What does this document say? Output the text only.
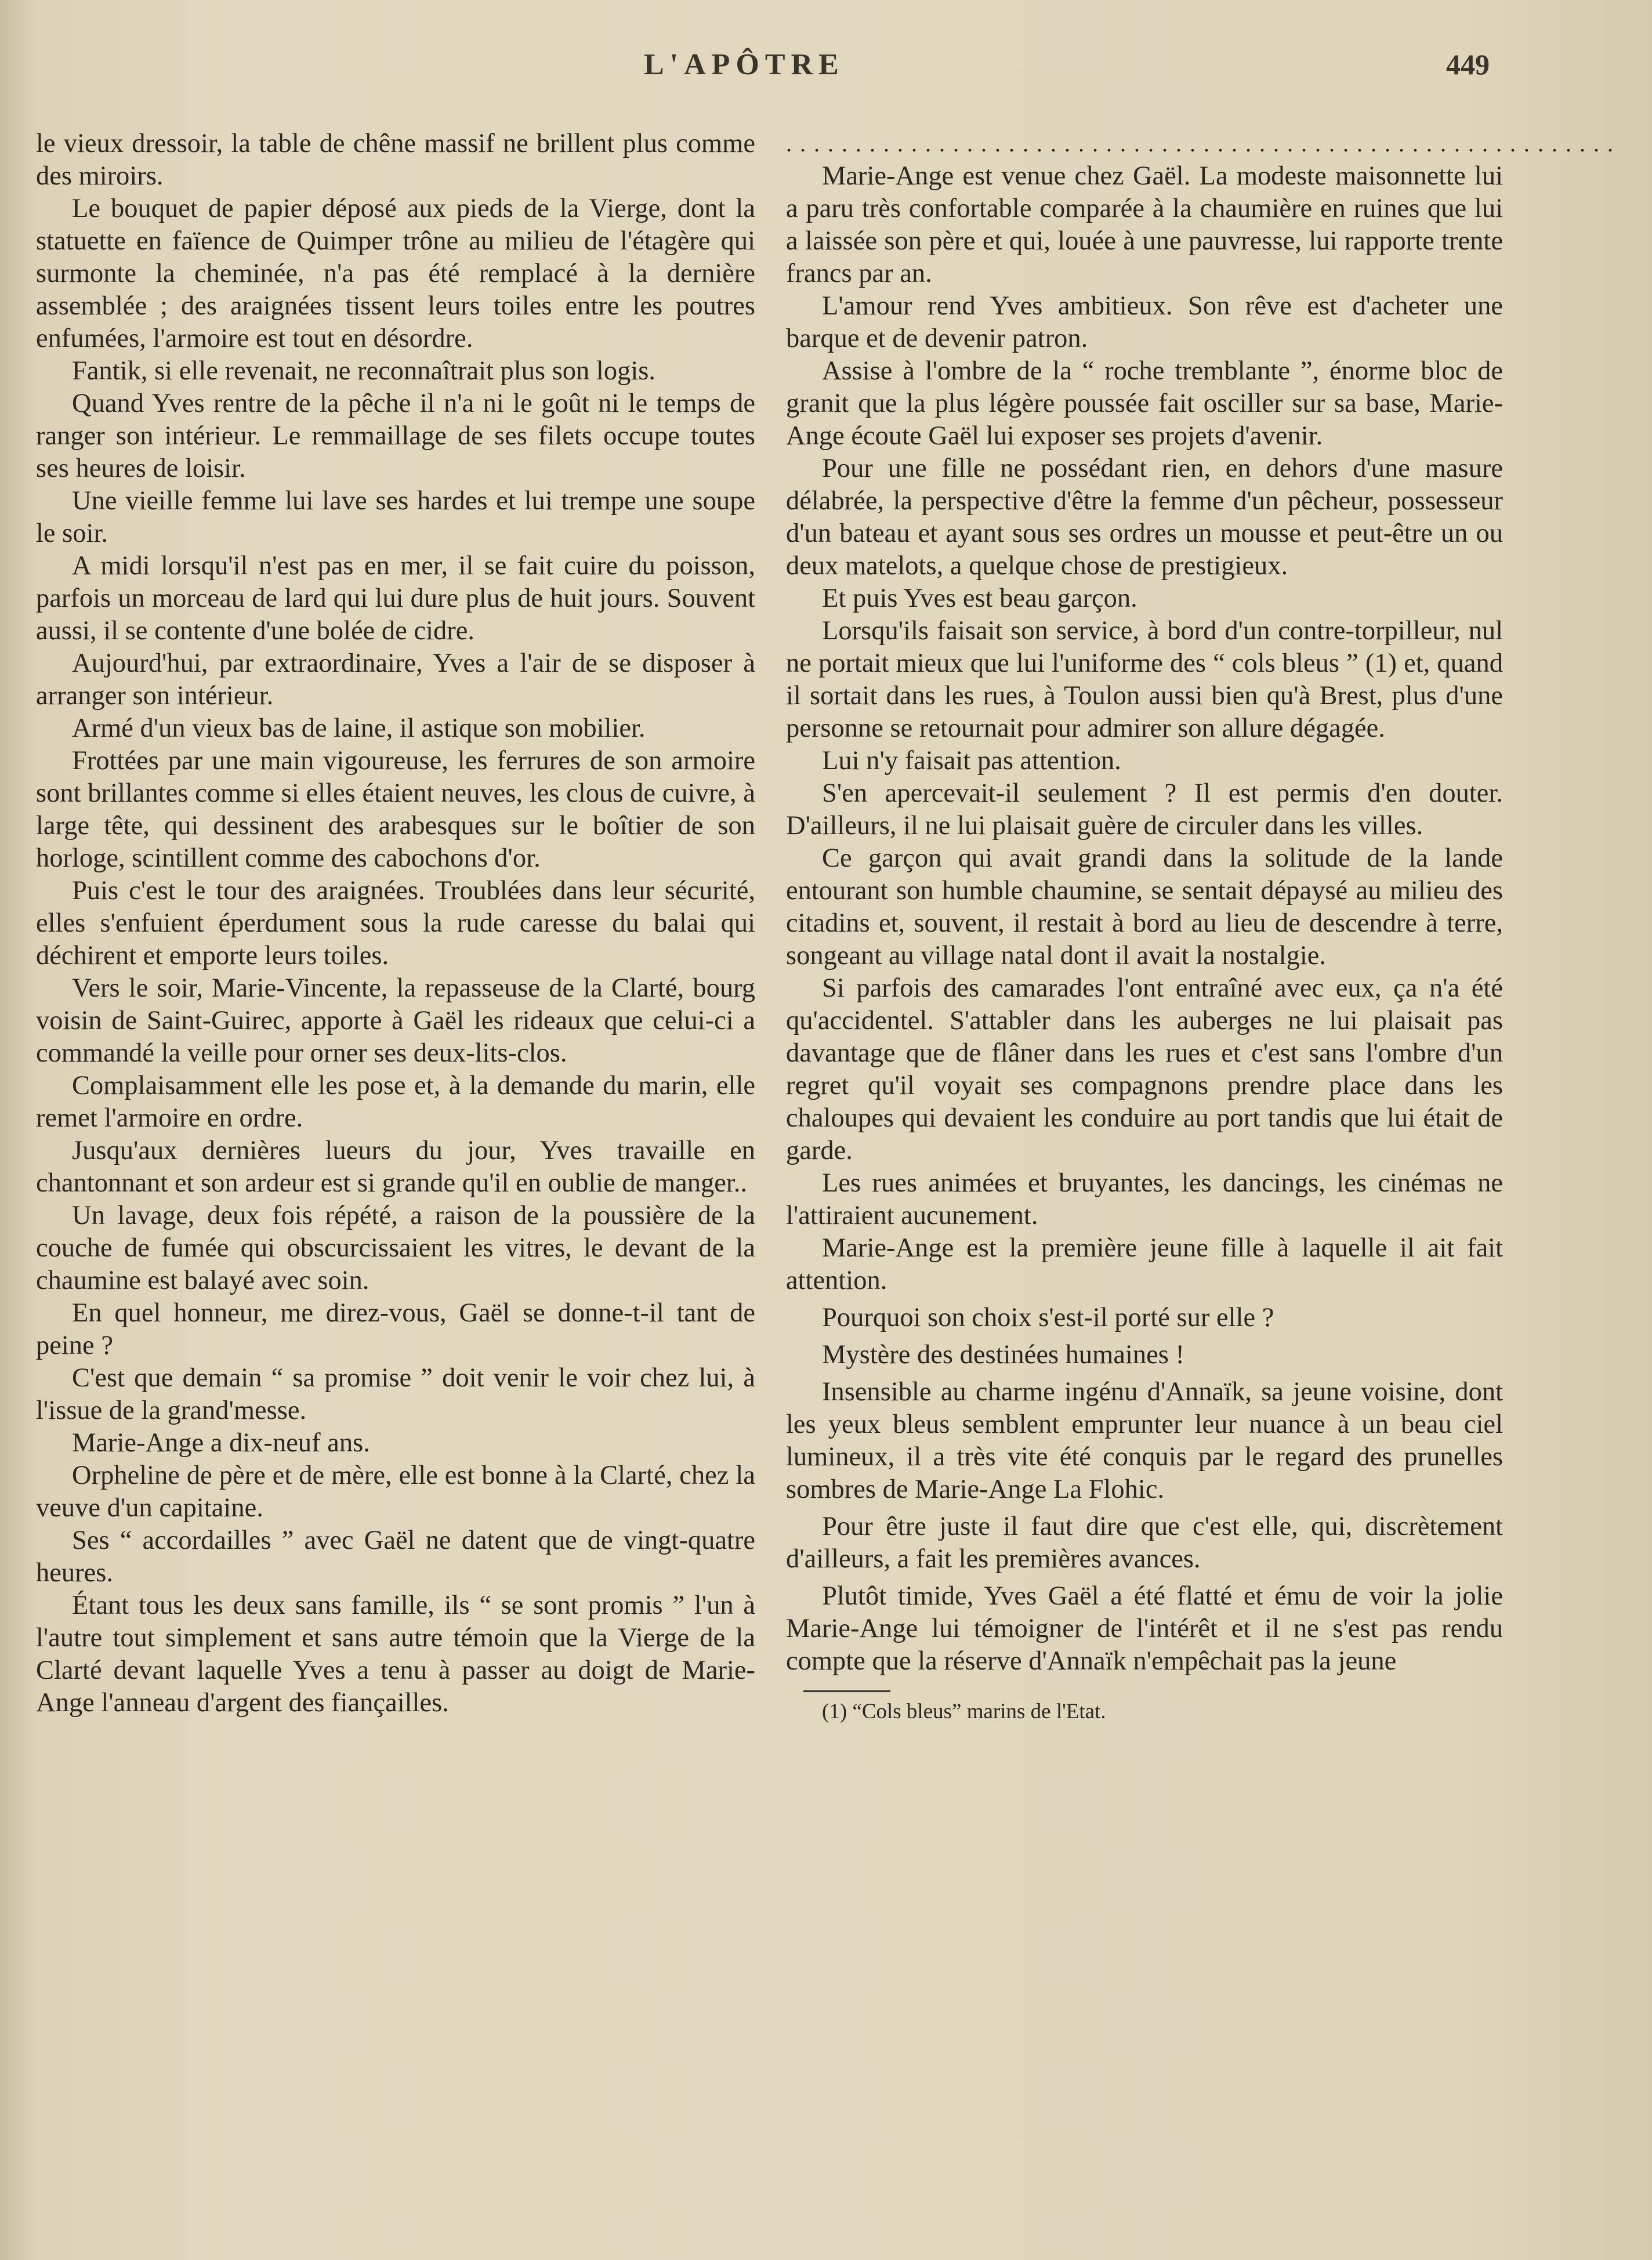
L'APÔTRE	449

le vieux dressoir, la table de chêne massif ne brillent plus comme des miroirs.

Le bouquet de papier déposé aux pieds de la Vierge, dont la statuette en faïence de Quimper trône au milieu de l'étagère qui surmonte la cheminée, n'a pas été remplacé à la dernière assemblée ; des araignées tissent leurs toiles entre les poutres enfumées, l'armoire est tout en désordre.

Fantik, si elle revenait, ne reconnaîtrait plus son logis.

Quand Yves rentre de la pêche il n'a ni le goût ni le temps de ranger son intérieur. Le remmaillage de ses filets occupe toutes ses heures de loisir.

Une vieille femme lui lave ses hardes et lui trempe une soupe le soir.

A midi lorsqu'il n'est pas en mer, il se fait cuire du poisson, parfois un morceau de lard qui lui dure plus de huit jours. Souvent aussi, il se contente d'une bolée de cidre.

Aujourd'hui, par extraordinaire, Yves a l'air de se disposer à arranger son intérieur.

Armé d'un vieux bas de laine, il astique son mobilier.

Frottées par une main vigoureuse, les ferrures de son armoire sont brillantes comme si elles étaient neuves, les clous de cuivre, à large tête, qui dessinent des arabesques sur le boîtier de son horloge, scintillent comme des cabochons d'or.

Puis c'est le tour des araignées. Troublées dans leur sécurité, elles s'enfuient éperdument sous la rude caresse du balai qui déchirent et emporte leurs toiles.

Vers le soir, Marie-Vincente, la repasseuse de la Clarté, bourg voisin de Saint-Guirec, apporte à Gaël les rideaux que celui-ci a commandé la veille pour orner ses deux-lits-clos.

Complaisamment elle les pose et, à la demande du marin, elle remet l'armoire en ordre.

Jusqu'aux dernières lueurs du jour, Yves travaille en chantonnant et son ardeur est si grande qu'il en oublie de manger..

Un lavage, deux fois répété, a raison de la poussière de la couche de fumée qui obscurcissaient les vitres, le devant de la chaumine est balayé avec soin.

En quel honneur, me direz-vous, Gaël se donne-t-il tant de peine ?

C'est que demain “ sa promise ” doit venir le voir chez lui, à l'issue de la grand'messe.

Marie-Ange a dix-neuf ans.

Orpheline de père et de mère, elle est bonne à la Clarté, chez la veuve d'un capitaine.

Ses “ accordailles ” avec Gaël ne datent que de vingt-quatre heures.

Étant tous les deux sans famille, ils “ se sont promis ” l'un à l'autre tout simplement et sans autre témoin que la Vierge de la Clarté devant laquelle Yves a tenu à passer au doigt de Marie-Ange l'anneau d'argent des fiançailles.

............................................................

Marie-Ange est venue chez Gaël. La modeste maisonnette lui a paru très confortable comparée à la chaumière en ruines que lui a laissée son père et qui, louée à une pauvresse, lui rapporte trente francs par an.

L'amour rend Yves ambitieux. Son rêve est d'acheter une barque et de devenir patron.

Assise à l'ombre de la “ roche tremblante ”, énorme bloc de granit que la plus légère poussée fait osciller sur sa base, Marie-Ange écoute Gaël lui exposer ses projets d'avenir.

Pour une fille ne possédant rien, en dehors d'une masure délabrée, la perspective d'être la femme d'un pêcheur, possesseur d'un bateau et ayant sous ses ordres un mousse et peut-être un ou deux matelots, a quelque chose de prestigieux.

Et puis Yves est beau garçon.

Lorsqu'ils faisait son service, à bord d'un contre-torpilleur, nul ne portait mieux que lui l'uniforme des “ cols bleus ” (1) et, quand il sortait dans les rues, à Toulon aussi bien qu'à Brest, plus d'une personne se retournait pour admirer son allure dégagée.

Lui n'y faisait pas attention.

S'en apercevait-il seulement ? Il est permis d'en douter. D'ailleurs, il ne lui plaisait guère de circuler dans les villes.

Ce garçon qui avait grandi dans la solitude de la lande entourant son humble chaumine, se sentait dépaysé au milieu des citadins et, souvent, il restait à bord au lieu de descendre à terre, songeant au village natal dont il avait la nostalgie.

Si parfois des camarades l'ont entraîné avec eux, ça n'a été qu'accidentel. S'attabler dans les auberges ne lui plaisait pas davantage que de flâner dans les rues et c'est sans l'ombre d'un regret qu'il voyait ses compagnons prendre place dans les chaloupes qui devaient les conduire au port tandis que lui était de garde.

Les rues animées et bruyantes, les dancings, les cinémas ne l'attiraient aucunement.

Marie-Ange est la première jeune fille à laquelle il ait fait attention.

Pourquoi son choix s'est-il porté sur elle ?

Mystère des destinées humaines !

Insensible au charme ingénu d'Annaïk, sa jeune voisine, dont les yeux bleus semblent emprunter leur nuance à un beau ciel lumineux, il a très vite été conquis par le regard des prunelles sombres de Marie-Ange La Flohic.

Pour être juste il faut dire que c'est elle, qui, discrètement d'ailleurs, a fait les premières avances.

Plutôt timide, Yves Gaël a été flatté et ému de voir la jolie Marie-Ange lui témoigner de l'intérêt et il ne s'est pas rendu compte que la réserve d'Annaïk n'empêchait pas la jeune

(1) “Cols bleus” marins de l'Etat.
